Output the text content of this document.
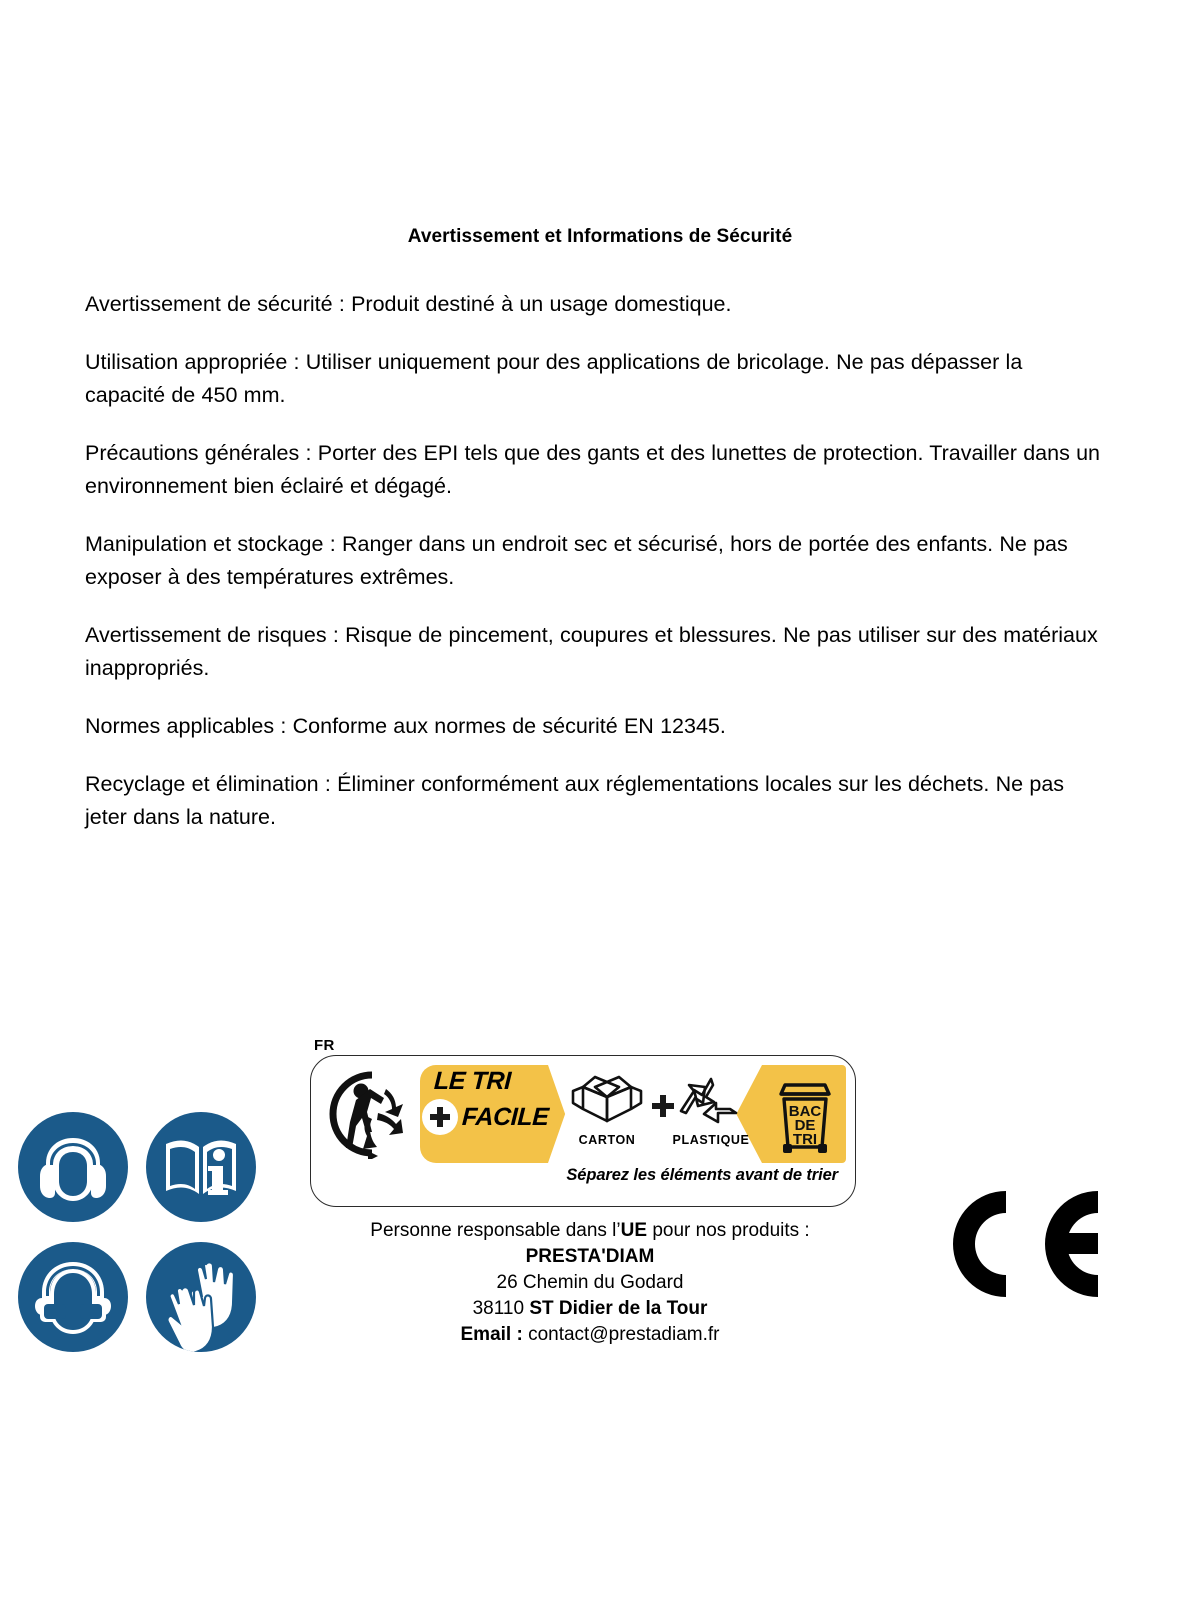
Avertissement et Informations de Sécurité

Avertissement de sécurité : Produit destiné à un usage domestique.

Utilisation appropriée : Utiliser uniquement pour des applications de bricolage. Ne pas dépasser la capacité de 450 mm.

Précautions générales : Porter des EPI tels que des gants et des lunettes de protection. Travailler dans un environnement bien éclairé et dégagé.

Manipulation et stockage : Ranger dans un endroit sec et sécurisé, hors de portée des enfants. Ne pas exposer à des températures extrêmes.

Avertissement de risques : Risque de pincement, coupures et blessures. Ne pas utiliser sur des matériaux inappropriés.

Normes applicables : Conforme aux normes de sécurité EN 12345.

Recyclage et élimination : Éliminer conformément aux réglementations locales sur les déchets. Ne pas jeter dans la nature.

FR
LE TRI
FACILE
CARTON	PLASTIQUE
BAC
DE
TRI
Séparez les éléments avant de trier
Personne responsable dans l’UE pour nos produits :
PRESTA'DIAM
26 Chemin du Godard
38110 ST Didier de la Tour
Email : contact@prestadiam.fr
